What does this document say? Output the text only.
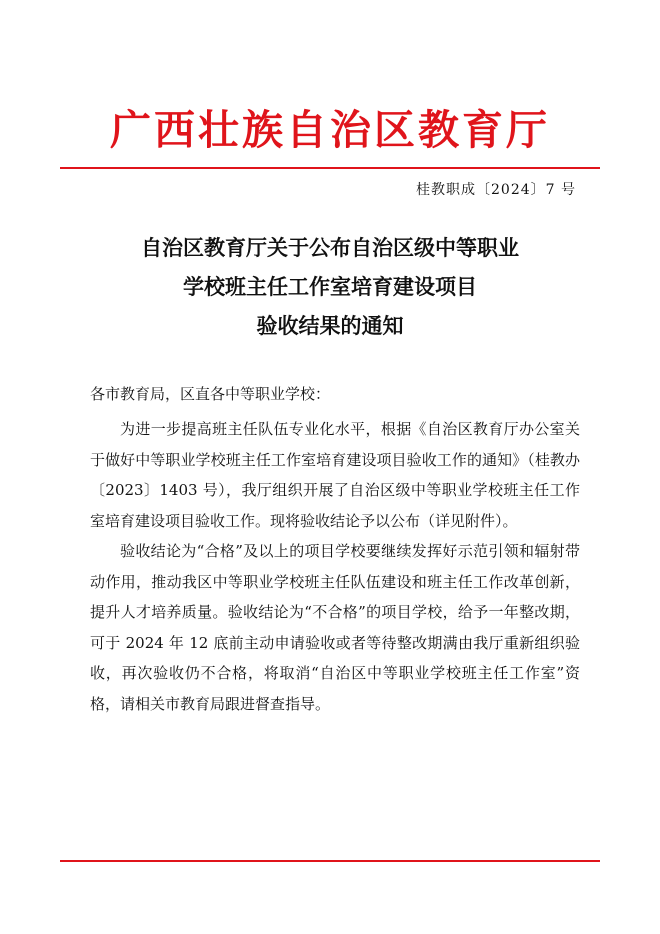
广西壮族自治区教育厅
桂教职成〔2024〕7 号
自治区教育厅关于公布自治区级中等职业
学校班主任工作室培育建设项目
验收结果的通知
各市教育局，区直各中等职业学校：

为进一步提高班主任队伍专业化水平，根据《自治区教育厅办公室关于做好中等职业学校班主任工作室培育建设项目验收工作的通知》（桂教办〔2023〕1403 号），我厅组织开展了自治区级中等职业学校班主任工作室培育建设项目验收工作。现将验收结论予以公布（详见附件）。

验收结论为“合格”及以上的项目学校要继续发挥好示范引领和辐射带动作用，推动我区中等职业学校班主任队伍建设和班主任工作改革创新，提升人才培养质量。验收结论为“不合格”的项目学校，给予一年整改期，可于 2024 年 12 底前主动申请验收或者等待整改期满由我厅重新组织验收，再次验收仍不合格，将取消“自治区中等职业学校班主任工作室”资格，请相关市教育局跟进督查指导。
